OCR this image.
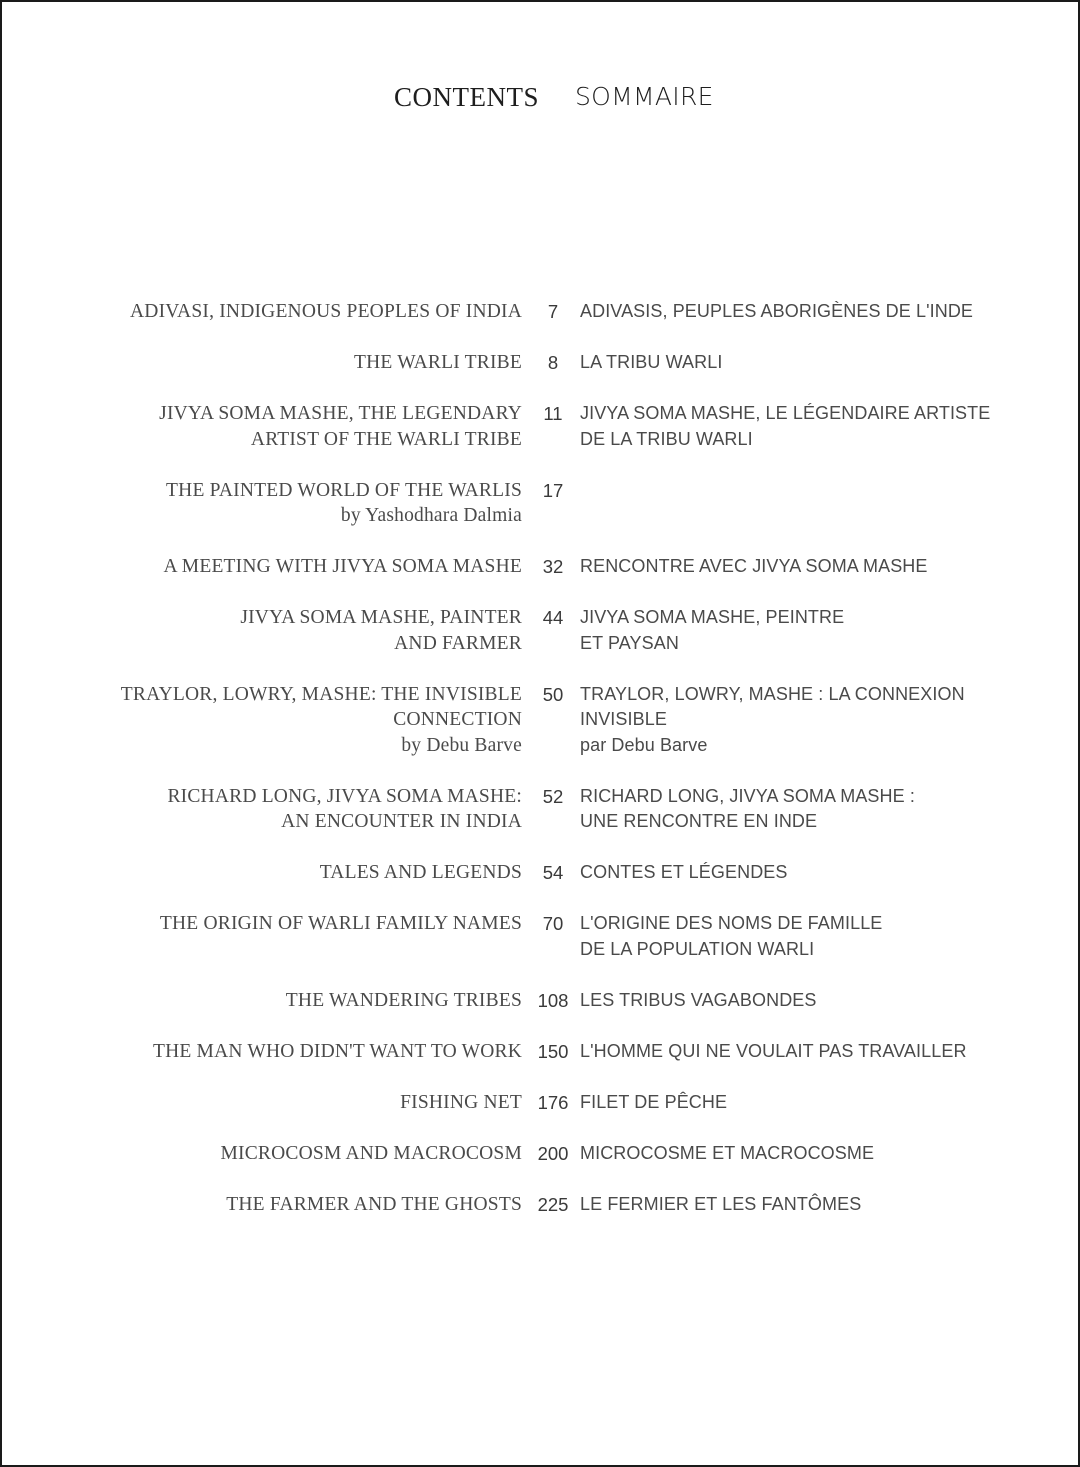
CONTENTS SOMMAIRE
ADIVASI, INDIGENOUS PEOPLES OF INDIA	7	ADIVASIS, PEUPLES ABORIGÈNES DE L'INDE
THE WARLI TRIBE	8	LA TRIBU WARLI
JIVYA SOMA MASHE, THE LEGENDARY
ARTIST OF THE WARLI TRIBE
11 JIVYA SOMA MASHE, LE LÉGENDAIRE ARTISTE
DE LA TRIBU WARLI
THE PAINTED WORLD OF THE WARLIS
by Yashodhara Dalmia
17
A MEETING WITH JIVYA SOMA MASHE	32 RENCONTRE AVEC JIVYA SOMA MASHE
JIVYA SOMA MASHE, PAINTER
AND FARMER
44 JIVYA SOMA MASHE, PEINTRE
ET PAYSAN
TRAYLOR, LOWRY, MASHE: THE INVISIBLE
CONNECTION
by Debu Barve
50 TRAYLOR, LOWRY, MASHE : LA CONNEXION
INVISIBLE
par Debu Barve
RICHARD LONG, JIVYA SOMA MASHE:
AN ENCOUNTER IN INDIA
52 RICHARD LONG, JIVYA SOMA MASHE :
UNE RENCONTRE EN INDE
TALES AND LEGENDS	54 CONTES ET LÉGENDES
THE ORIGIN OF WARLI FAMILY NAMES	70 L'ORIGINE DES NOMS DE FAMILLE
DE LA POPULATION WARLI
THE WANDERING TRIBES 108 LES TRIBUS VAGABONDES
THE MAN WHO DIDN'T WANT TO WORK 150 L'HOMME QUI NE VOULAIT PAS TRAVAILLER
FISHING NET 176 FILET DE PÊCHE
MICROCOSM AND MACROCOSM 200 MICROCOSME ET MACROCOSME
THE FARMER AND THE GHOSTS 225 LE FERMIER ET LES FANTÔMES
